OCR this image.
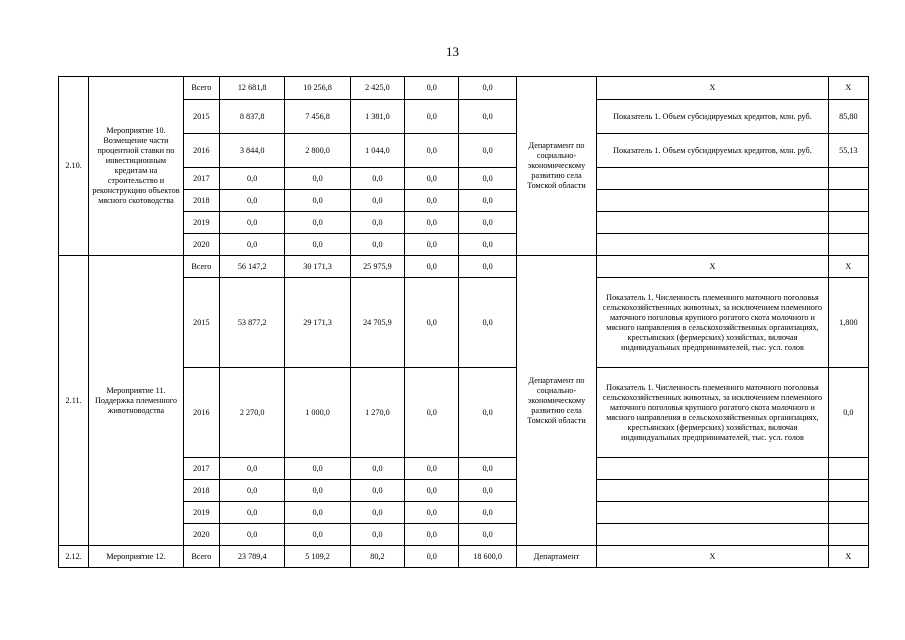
13
2.10.	Мероприятие 10. Возмещение части процентной ставки по инвестиционным кредитам на строительство и реконструкцию объектов мясного скотоводства	Всего	12 681,8	10 256,8	2 425,0	0,0	0,0	Департамент по социально-экономическому развитию села Томской области	Х	Х
		2015	8 837,8	7 456,8	1 381,0	0,0	0,0		Показатель 1. Объем субсидируемых кредитов, млн. руб.	85,80
		2016	3 844,0	2 800,0	1 044,0	0,0	0,0		Показатель 1. Объем субсидируемых кредитов, млн. руб.	55,13
		2017	0,0	0,0	0,0	0,0	0,0			
		2018	0,0	0,0	0,0	0,0	0,0			
		2019	0,0	0,0	0,0	0,0	0,0			
		2020	0,0	0,0	0,0	0,0	0,0			
2.11.	Мероприятие 11. Поддержка племенного животноводства	Всего	56 147,2	30 171,3	25 975,9	0,0	0,0	Департамент по социально-экономическому развитию села Томской области	Х	Х
		2015	53 877,2	29 171,3	24 705,9	0,0	0,0		Показатель 1. Численность племенного маточного поголовья сельскохозяйственных животных, за исключением племенного маточного поголовья крупного рогатого скота молочного и мясного направления в сельскохозяйственных организациях, крестьянских (фермерских) хозяйствах, включая индивидуальных предпринимателей, тыс. усл. голов	1,800
		2016	2 270,0	1 000,0	1 270,0	0,0	0,0		Показатель 1. Численность племенного маточного поголовья сельскохозяйственных животных, за исключением племенного маточного поголовья крупного рогатого скота молочного и мясного направления в сельскохозяйственных организациях, крестьянских (фермерских) хозяйствах, включая индивидуальных предпринимателей, тыс. усл. голов	0,0
		2017	0,0	0,0	0,0	0,0	0,0			
		2018	0,0	0,0	0,0	0,0	0,0			
		2019	0,0	0,0	0,0	0,0	0,0			
		2020	0,0	0,0	0,0	0,0	0,0			
2.12.	Мероприятие 12.	Всего	23 789,4	5 109,2	80,2	0,0	18 600,0	Департамент	Х	Х
